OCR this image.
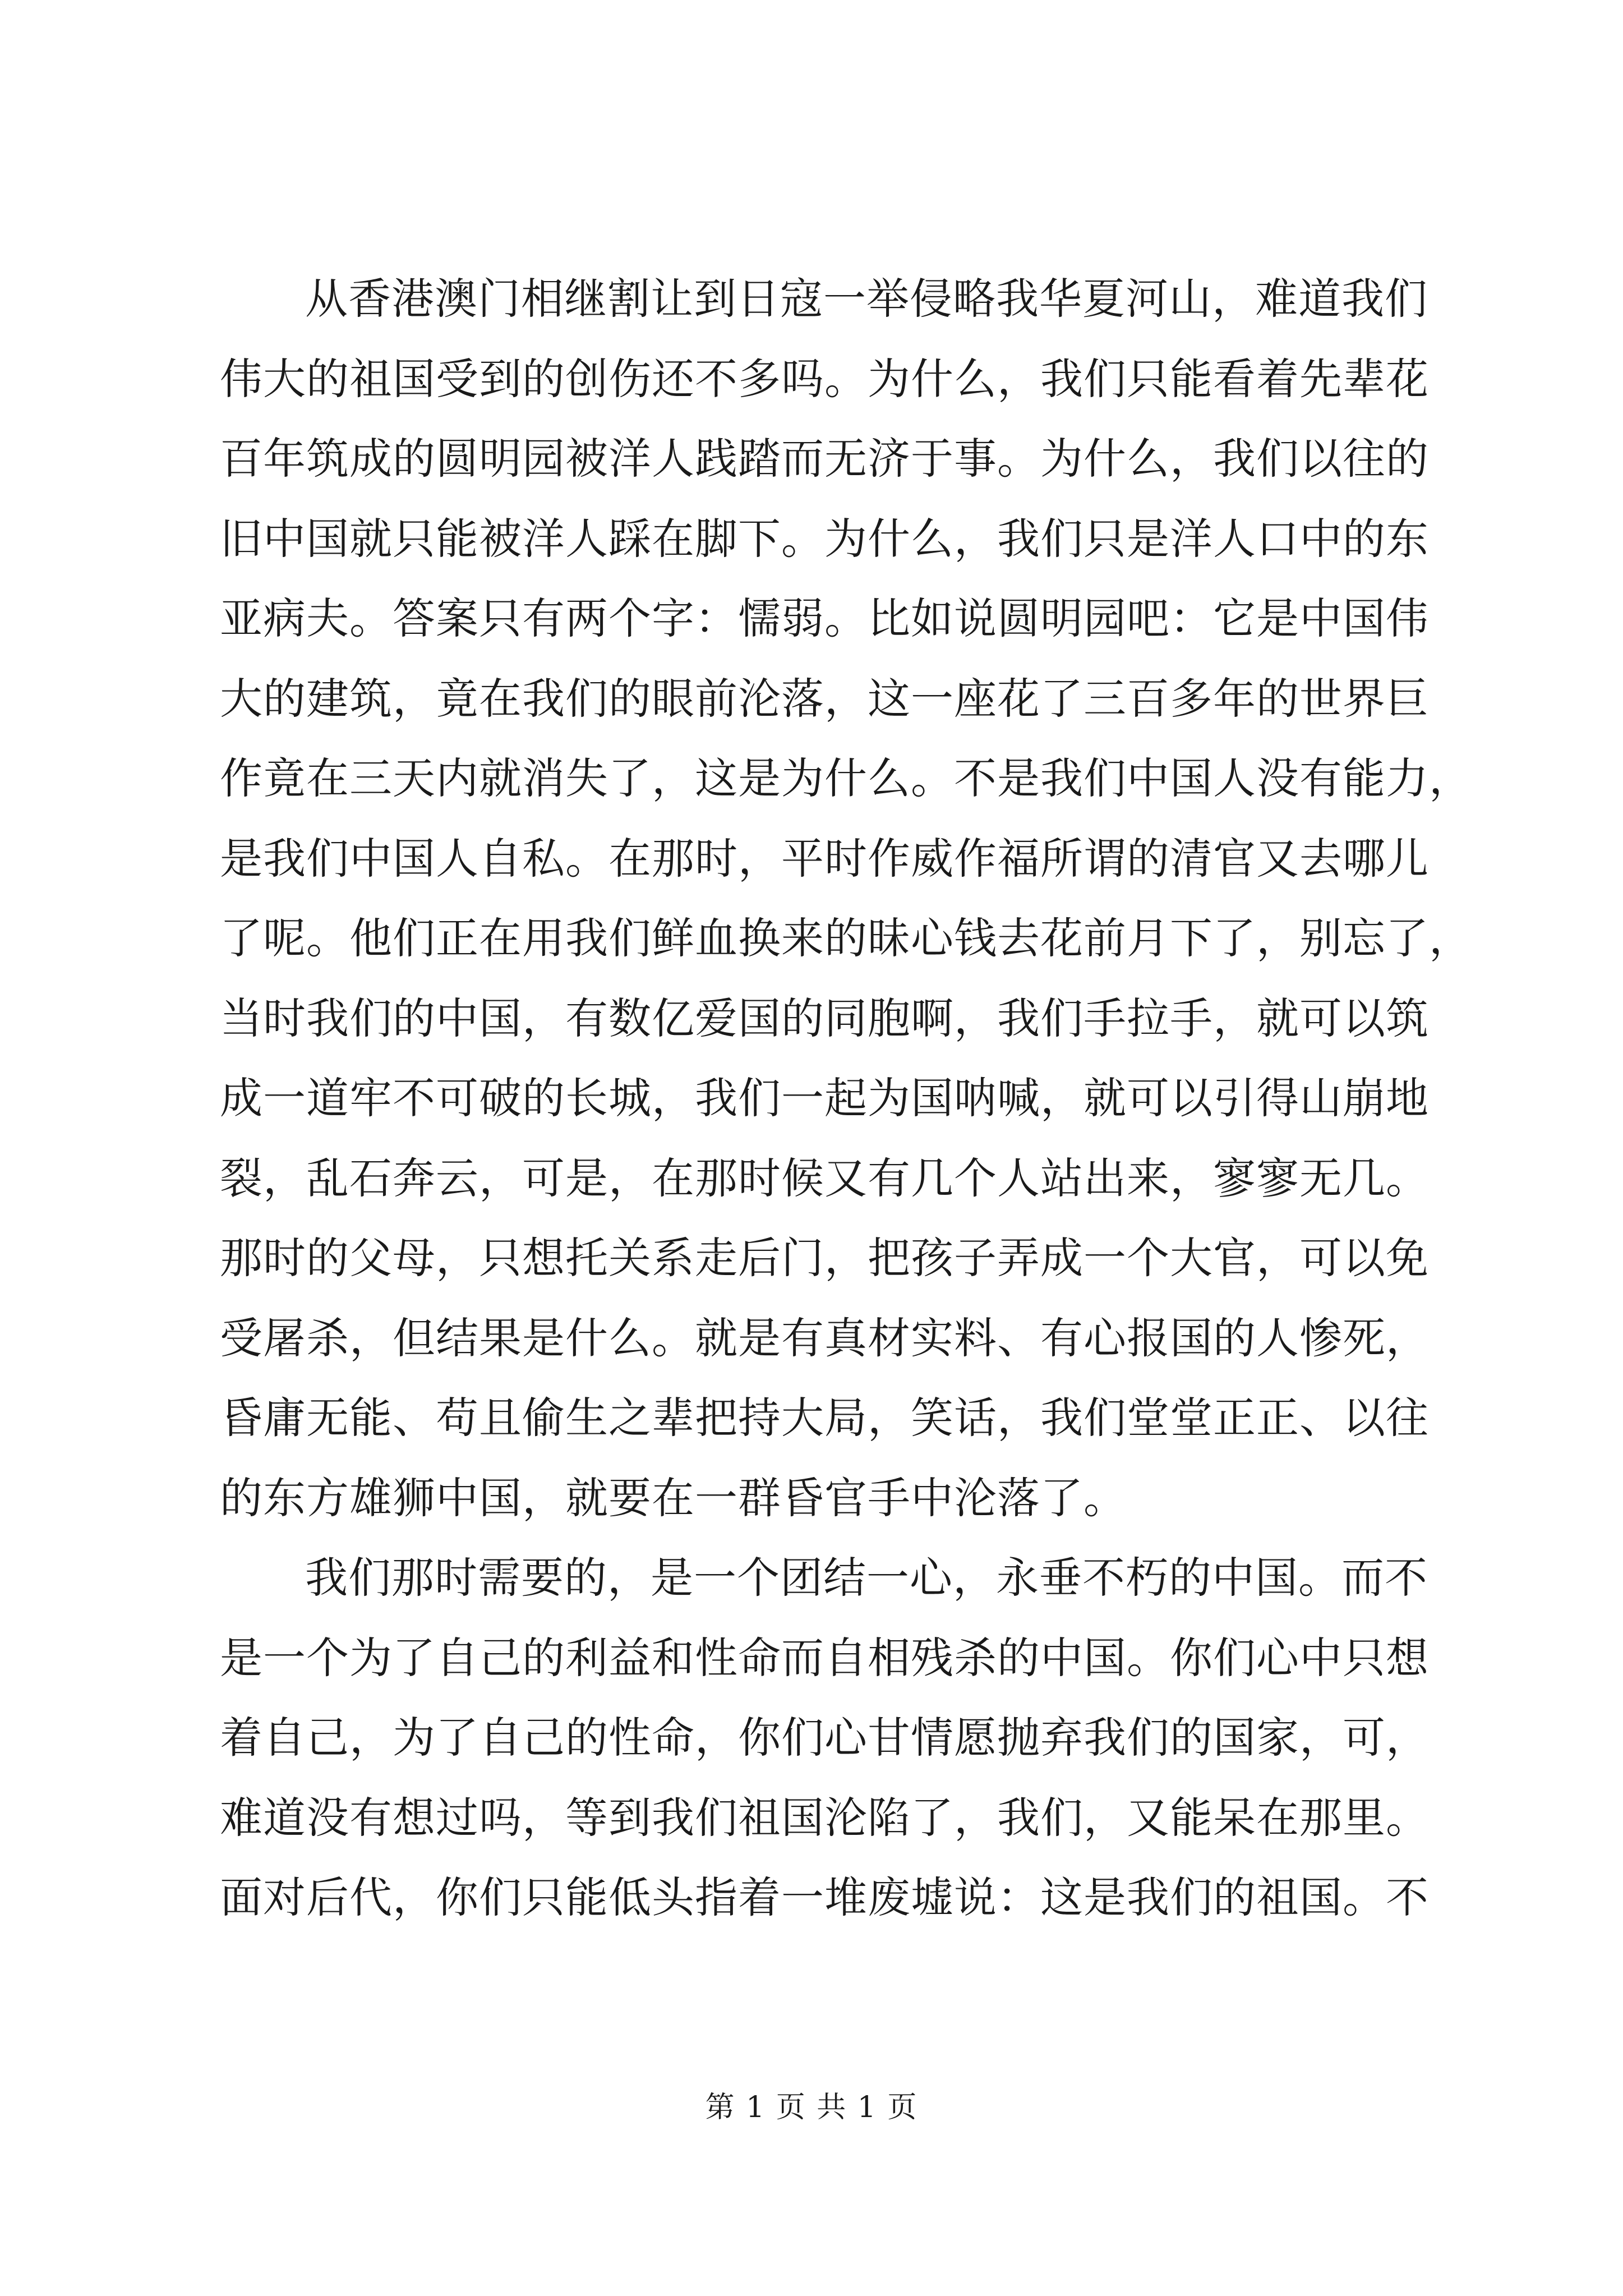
从香港澳门相继割让到日寇一举侵略我华夏河山，难道我们
伟大的祖国受到的创伤还不多吗。为什么，我们只能看着先辈花
百年筑成的圆明园被洋人践踏而无济于事。为什么，我们以往的
旧中国就只能被洋人踩在脚下。为什么，我们只是洋人口中的东
亚病夫。答案只有两个字：懦弱。比如说圆明园吧：它是中国伟
大的建筑，竟在我们的眼前沦落，这一座花了三百多年的世界巨
作竟在三天内就消失了，这是为什么。不是我们中国人没有能力，
是我们中国人自私。在那时，平时作威作福所谓的清官又去哪儿
了呢。他们正在用我们鲜血换来的昧心钱去花前月下了，别忘了，
当时我们的中国，有数亿爱国的同胞啊，我们手拉手，就可以筑
成一道牢不可破的长城，我们一起为国呐喊，就可以引得山崩地
裂，乱石奔云，可是，在那时候又有几个人站出来，寥寥无几。
那时的父母，只想托关系走后门，把孩子弄成一个大官，可以免
受屠杀，但结果是什么。就是有真材实料、有心报国的人惨死，
昏庸无能、苟且偷生之辈把持大局，笑话，我们堂堂正正、以往
的东方雄狮中国，就要在一群昏官手中沦落了。
我们那时需要的，是一个团结一心，永垂不朽的中国。而不
是一个为了自己的利益和性命而自相残杀的中国。你们心中只想
着自己，为了自己的性命，你们心甘情愿抛弃我们的国家，可，
难道没有想过吗，等到我们祖国沦陷了，我们，又能呆在那里。
面对后代，你们只能低头指着一堆废墟说：这是我们的祖国。不
第 1 页 共 1 页
